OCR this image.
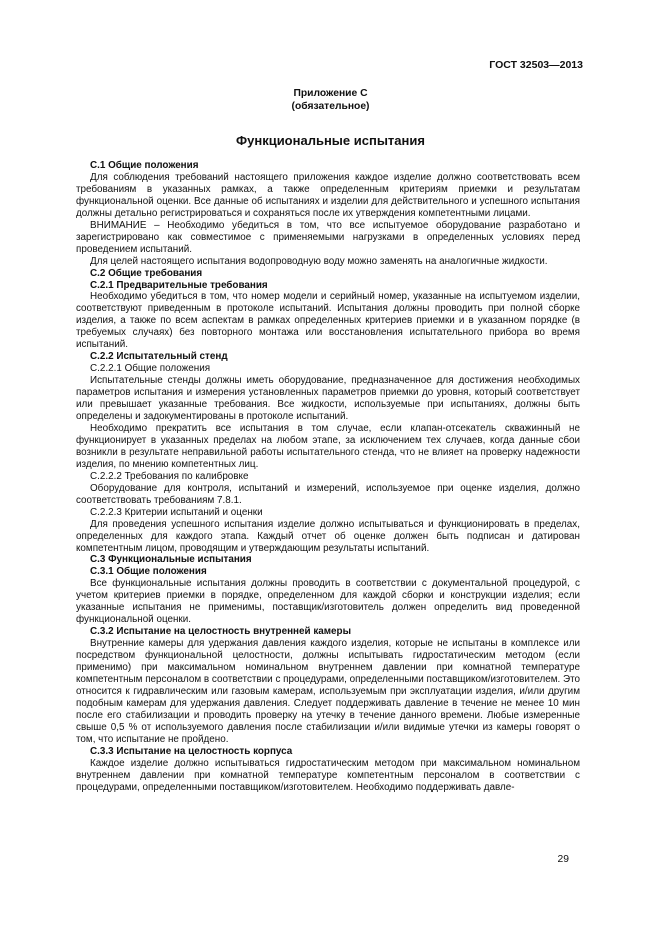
ГОСТ 32503—2013
Приложение С
(обязательное)
Функциональные испытания

С.1 Общие положения

Для соблюдения требований настоящего приложения каждое изделие должно соответствовать всем требованиям в указанных рамках, а также определенным критериям приемки и результатам функциональной оценки. Все данные об испытаниях и изделии для действительного и успешного испытания должны детально регистрироваться и сохраняться после их утверждения компетентными лицами.

ВНИМАНИЕ – Необходимо убедиться в том, что все испытуемое оборудование разработано и зарегистрировано как совместимое с применяемыми нагрузками в определенных условиях перед проведением испытаний.

Для целей настоящего испытания водопроводную воду можно заменять на аналогичные жидкости.

С.2 Общие требования

С.2.1 Предварительные требования

Необходимо убедиться в том, что номер модели и серийный номер, указанные на испытуемом изделии, соответствуют приведенным в протоколе испытаний. Испытания должны проводить при полной сборке изделия, а также по всем аспектам в рамках определенных критериев приемки и в указанном порядке (в требуемых случаях) без повторного монтажа или восстановления испытательного прибора во время испытаний.

С.2.2 Испытательный стенд

С.2.2.1 Общие положения

Испытательные стенды должны иметь оборудование, предназначенное для достижения необходимых параметров испытания и измерения установленных параметров приемки до уровня, который соответствует или превышает указанные требования. Все жидкости, используемые при испытаниях, должны быть определены и задокументированы в протоколе испытаний.

Необходимо прекратить все испытания в том случае, если клапан-отсекатель скважинный не функционирует в указанных пределах на любом этапе, за исключением тех случаев, когда данные сбои возникли в результате неправильной работы испытательного стенда, что не влияет на проверку надежности изделия, по мнению компетентных лиц.

С.2.2.2 Требования по калибровке

Оборудование для контроля, испытаний и измерений, используемое при оценке изделия, должно соответствовать требованиям 7.8.1.

С.2.2.3 Критерии испытаний и оценки

Для проведения успешного испытания изделие должно испытываться и функционировать в пределах, определенных для каждого этапа. Каждый отчет об оценке должен быть подписан и датирован компетентным лицом, проводящим и утверждающим результаты испытаний.

С.3 Функциональные испытания

С.3.1 Общие положения

Все функциональные испытания должны проводить в соответствии с документальной процедурой, с учетом критериев приемки в порядке, определенном для каждой сборки и конструкции изделия; если указанные испытания не применимы, поставщик/изготовитель должен определить вид проведенной функциональной оценки.

С.3.2 Испытание на целостность внутренней камеры

Внутренние камеры для удержания давления каждого изделия, которые не испытаны в комплексе или посредством функциональной целостности, должны испытывать гидростатическим методом (если применимо) при максимальном номинальном внутреннем давлении при комнатной температуре компетентным персоналом в соответствии с процедурами, определенными поставщиком/изготовителем. Это относится к гидравлическим или газовым камерам, используемым при эксплуатации изделия, и/или другим подобным камерам для удержания давления. Следует поддерживать давление в течение не менее 10 мин после его стабилизации и проводить проверку на утечку в течение данного времени. Любые измеренные свыше 0,5 % от используемого давления после стабилизации и/или видимые утечки из камеры говорят о том, что испытание не пройдено.

С.3.3 Испытание на целостность корпуса

Каждое изделие должно испытываться гидростатическим методом при максимальном номинальном внутреннем давлении при комнатной температуре компетентным персоналом в соответствии с процедурами, определенными поставщиком/изготовителем. Необходимо поддерживать давле-

29
